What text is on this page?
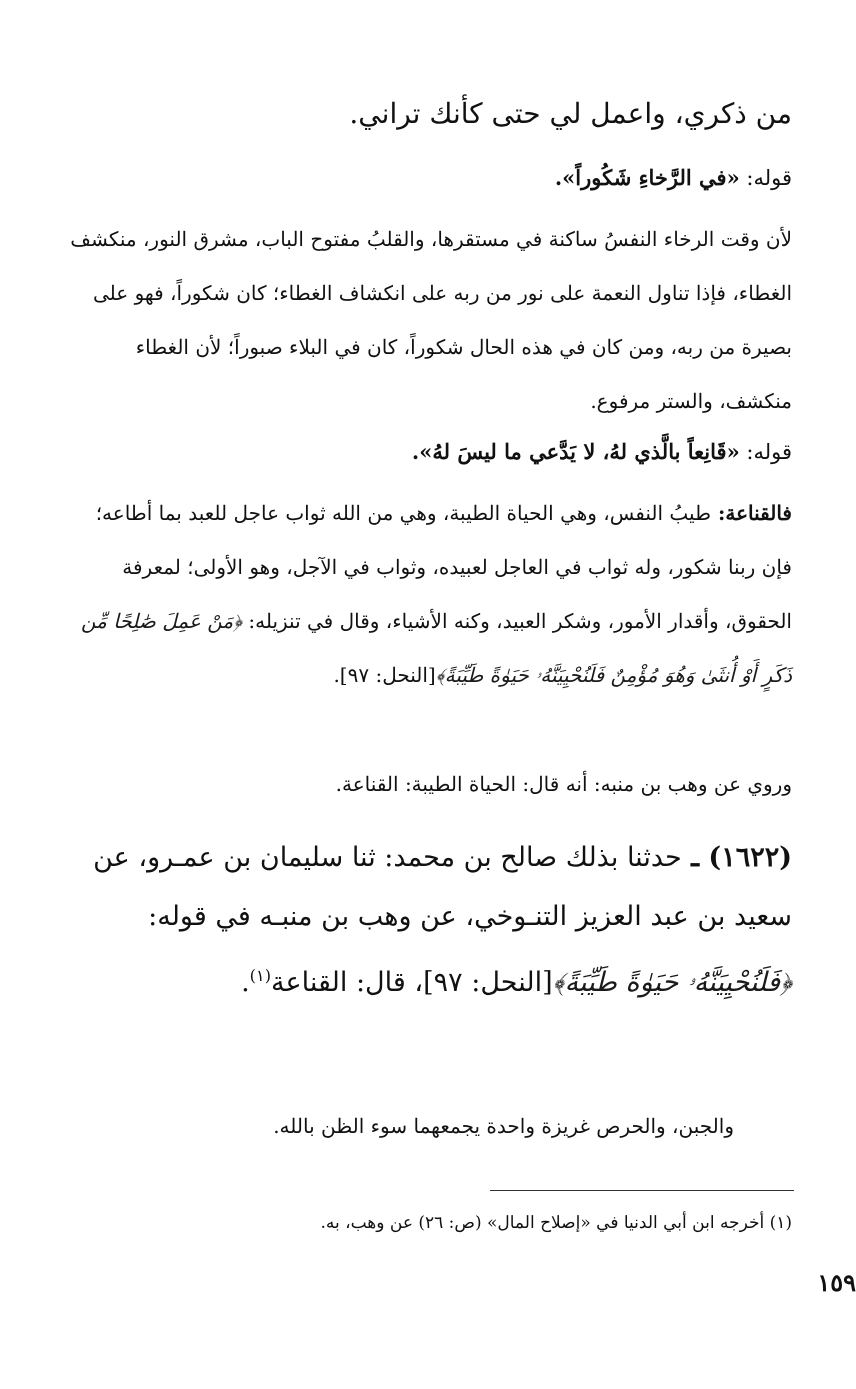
من ذكري، واعمل لي حتى كأنك تراني.

قوله: «في الرَّخاءِ شَكُوراً».

لأن وقت الرخاء النفسُ ساكنة في مستقرها، والقلبُ مفتوح الباب، مشرق النور، منكشف الغطاء، فإذا تناول النعمة على نور من ربه على انكشاف الغطاء؛ كان شكوراً، فهو على بصيرة من ربه، ومن كان في هذه الحال شكوراً، كان في البلاء صبوراً؛ لأن الغطاء منكشف، والستر مرفوع.

قوله: «قَانِعاً بالَّذي لهُ، لا يَدَّعي ما ليسَ لهُ».

فالقناعة: طيبُ النفس، وهي الحياة الطيبة، وهي من الله ثواب عاجل للعبد بما أطاعه؛ فإن ربنا شكور، وله ثواب في العاجل لعبيده، وثواب في الآجل، وهو الأولى؛ لمعرفة الحقوق، وأقدار الأمور، وشكر العبيد، وكنه الأشياء، وقال في تنزيله: ﴿مَنْ عَمِلَ صَٰلِحًا مِّن ذَكَرٍ أَوْ أُنثَىٰ وَهُوَ مُؤْمِنٌ فَلَنُحْيِيَنَّهُۥ حَيَوٰةً طَيِّبَةً﴾[النحل: ٩٧].

وروي عن وهب بن منبه: أنه قال: الحياة الطيبة: القناعة.

(١٦٢٢) ـ حدثنا بذلك صالح بن محمد: ثنا سليمان بن عمـرو، عن سعيد بن عبد العزيز التنـوخي، عن وهب بن منبـه في قوله: ﴿فَلَنُحْيِيَنَّهُۥ حَيَوٰةً طَيِّبَةً﴾[النحل: ٩٧]، قال: القناعة$^{(١)}$.

والجبن، والحرص غريزة واحدة يجمعهما سوء الظن بالله.

(١) أخرجه ابن أبي الدنيا في «إصلاح المال» (ص: ٢٦) عن وهب، به.

١٥٩
